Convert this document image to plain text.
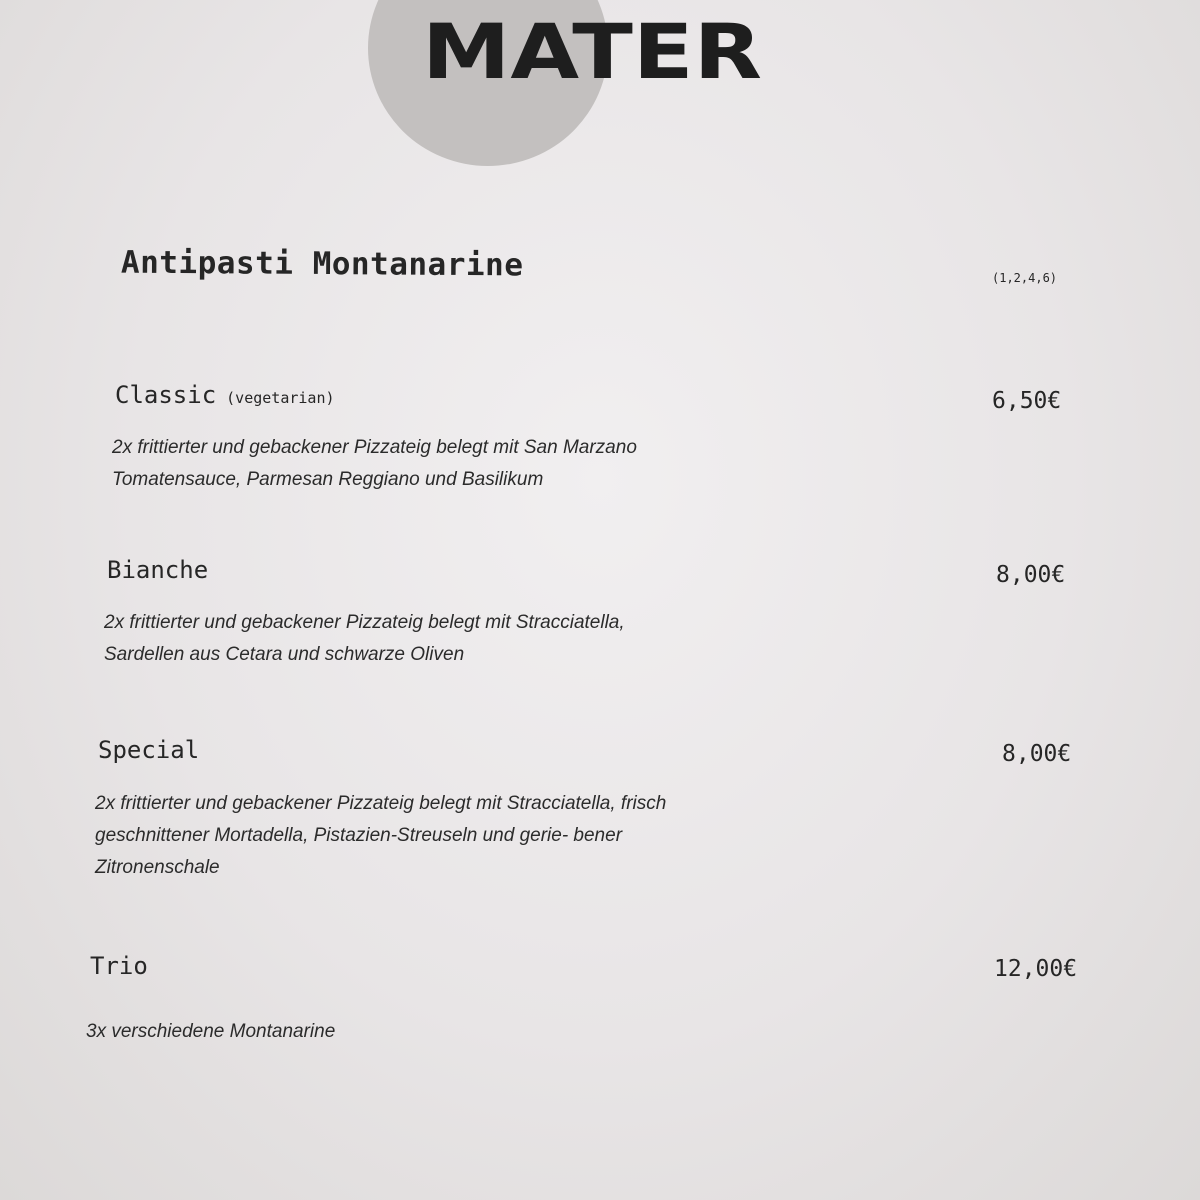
MATER
Antipasti Montanarine	(1,2,4,6)
Classic (vegetarian)	6,50€

2x frittierter und gebackener Pizzateig belegt mit San Marzano
Tomatensauce, Parmesan Reggiano und Basilikum

Bianche	8,00€

2x frittierter und gebackener Pizzateig belegt mit Stracciatella,
Sardellen aus Cetara und schwarze Oliven

Special	8,00€

2x frittierter und gebackener Pizzateig belegt mit Stracciatella, frisch
geschnittener Mortadella, Pistazien-Streuseln und gerie- bener
Zitronenschale

Trio	12,00€

3x verschiedene Montanarine
